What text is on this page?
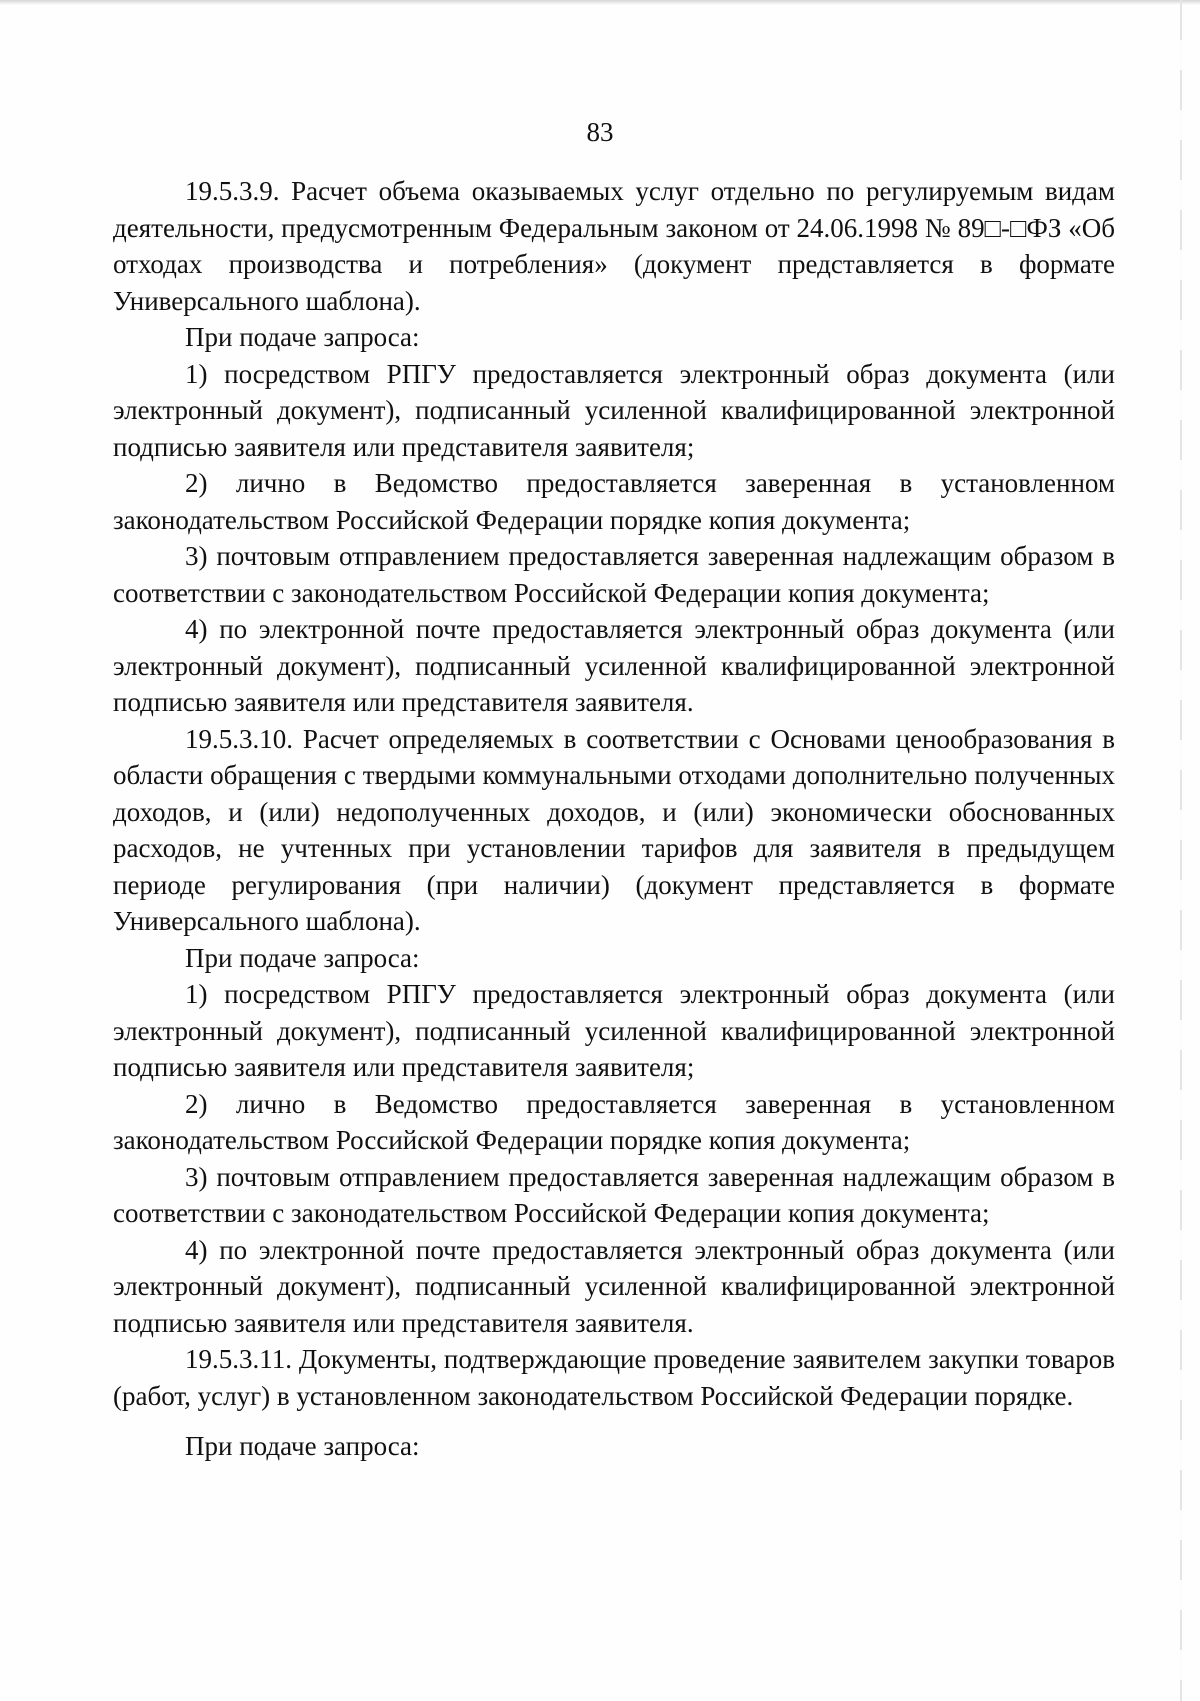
83

19.5.3.9. Расчет объема оказываемых услуг отдельно по регулируемым видам деятельности, предусмотренным Федеральным законом от 24.06.1998 № 89□-□ФЗ «Об отходах производства и потребления» (документ представляется в формате Универсального шаблона).

При подаче запроса:

1) посредством РПГУ предоставляется электронный образ документа (или электронный документ), подписанный усиленной квалифицированной электронной подписью заявителя или представителя заявителя;

2) лично в Ведомство предоставляется заверенная в установленном законодательством Российской Федерации порядке копия документа;

3) почтовым отправлением предоставляется заверенная надлежащим образом в соответствии с законодательством Российской Федерации копия документа;

4) по электронной почте предоставляется электронный образ документа (или электронный документ), подписанный усиленной квалифицированной электронной подписью заявителя или представителя заявителя.

19.5.3.10. Расчет определяемых в соответствии с Основами ценообразования в области обращения с твердыми коммунальными отходами дополнительно полученных доходов, и (или) недополученных доходов, и (или) экономически обоснованных расходов, не учтенных при установлении тарифов для заявителя в предыдущем периоде регулирования (при наличии) (документ представляется в формате Универсального шаблона).

При подаче запроса:

1) посредством РПГУ предоставляется электронный образ документа (или электронный документ), подписанный усиленной квалифицированной электронной подписью заявителя или представителя заявителя;

2) лично в Ведомство предоставляется заверенная в установленном законодательством Российской Федерации порядке копия документа;

3) почтовым отправлением предоставляется заверенная надлежащим образом в соответствии с законодательством Российской Федерации копия документа;

4) по электронной почте предоставляется электронный образ документа (или электронный документ), подписанный усиленной квалифицированной электронной подписью заявителя или представителя заявителя.

19.5.3.11. Документы, подтверждающие проведение заявителем закупки товаров (работ, услуг) в установленном законодательством Российской Федерации порядке.

При подаче запроса:
